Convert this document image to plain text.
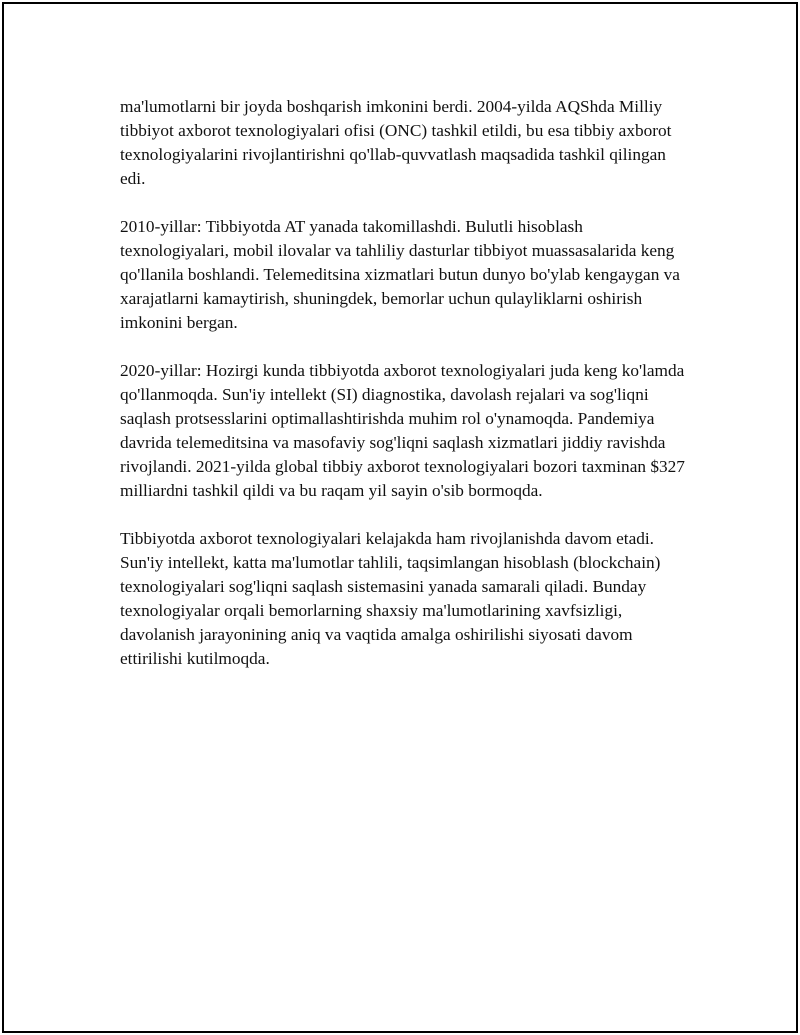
ma'lumotlarni bir joyda boshqarish imkonini berdi. 2004-yilda AQShda Milliy tibbiyot axborot texnologiyalari ofisi (ONC) tashkil etildi, bu esa tibbiy axborot texnologiyalarini rivojlantirishni qo'llab-quvvatlash maqsadida tashkil qilingan edi.

2010-yillar: Tibbiyotda AT yanada takomillashdi. Bulutli hisoblash texnologiyalari, mobil ilovalar va tahliliy dasturlar tibbiyot muassasalarida keng qo'llanila boshlandi. Telemeditsina xizmatlari butun dunyo bo'ylab kengaygan va xarajatlarni kamaytirish, shuningdek, bemorlar uchun qulayliklarni oshirish imkonini bergan.

2020-yillar: Hozirgi kunda tibbiyotda axborot texnologiyalari juda keng ko'lamda qo'llanmoqda. Sun'iy intellekt (SI) diagnostika, davolash rejalari va sog'liqni saqlash protsesslarini optimallashtirishda muhim rol o'ynamoqda. Pandemiya davrida telemeditsina va masofaviy sog'liqni saqlash xizmatlari jiddiy ravishda rivojlandi. 2021-yilda global tibbiy axborot texnologiyalari bozori taxminan $327 milliardni tashkil qildi va bu raqam yil sayin o'sib bormoqda.

Tibbiyotda axborot texnologiyalari kelajakda ham rivojlanishda davom etadi. Sun'iy intellekt, katta ma'lumotlar tahlili, taqsimlangan hisoblash (blockchain) texnologiyalari sog'liqni saqlash sistemasini yanada samarali qiladi. Bunday texnologiyalar orqali bemorlarning shaxsiy ma'lumotlarining xavfsizligi, davolanish jarayonining aniq va vaqtida amalga oshirilishi siyosati davom ettirilishi kutilmoqda.
